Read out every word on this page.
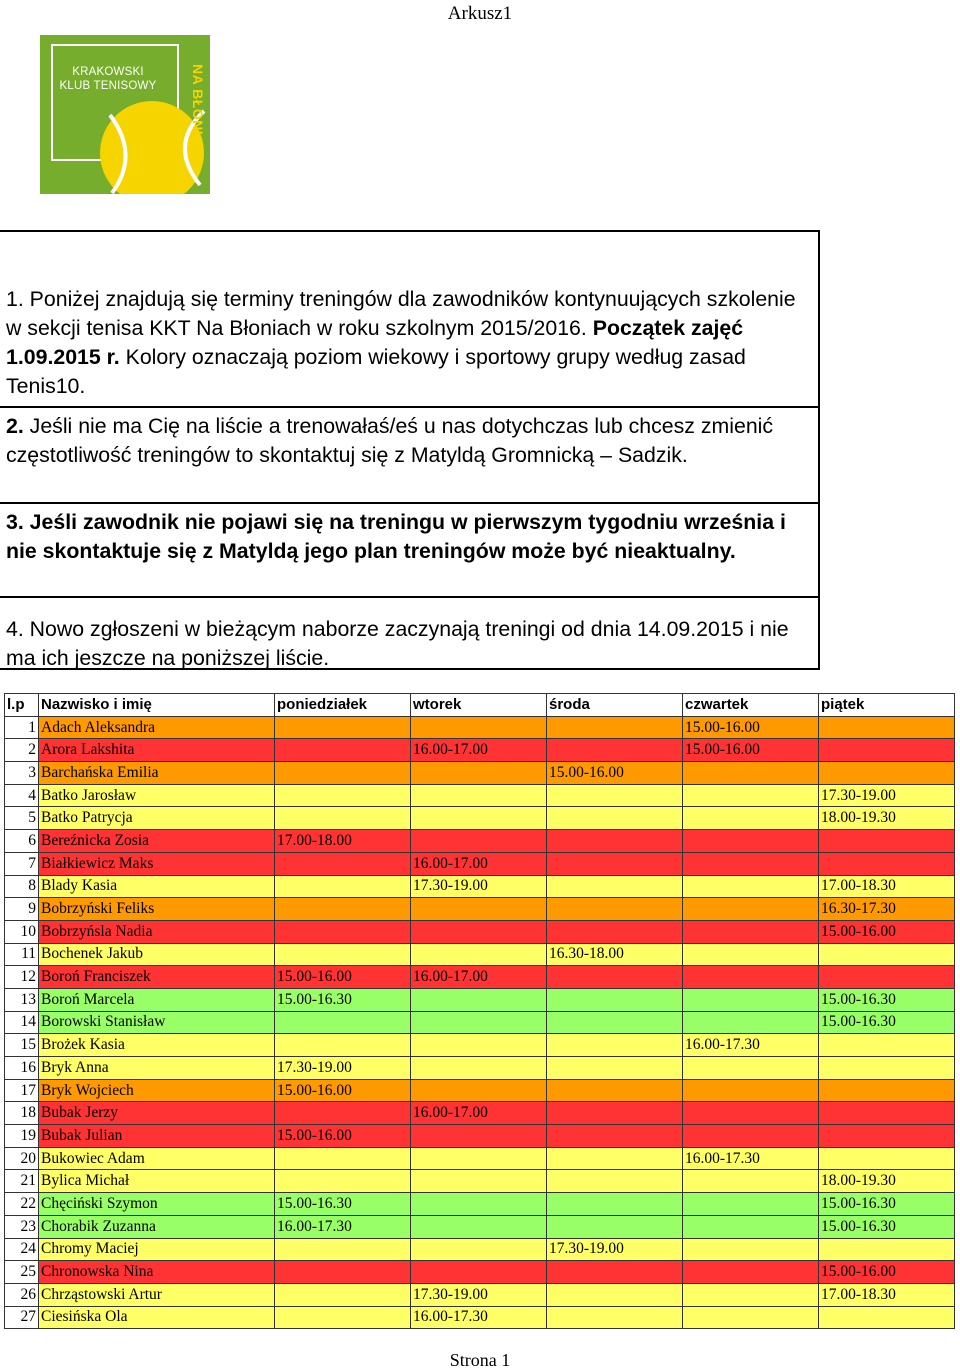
Arkusz1
KRAKOWSKI
KLUB TENISOWY	NA BŁONIACH
1. Poniżej znajdują się terminy treningów dla zawodników kontynuujących szkolenie w sekcji tenisa KKT Na Błoniach w roku szkolnym 2015/2016. Początek zajęć 1.09.2015 r. Kolory oznaczają poziom wiekowy i sportowy grupy według zasad Tenis10.
2. Jeśli nie ma Cię na liście a trenowałaś/eś u nas dotychczas lub chcesz zmienić częstotliwość treningów to skontaktuj się z Matyldą Gromnicką – Sadzik.
3. Jeśli zawodnik nie pojawi się na treningu w pierwszym tygodniu września i nie skontaktuje się z Matyldą jego plan treningów może być nieaktualny.
4. Nowo zgłoszeni w bieżącym naborze zaczynają treningi od dnia 14.09.2015 i nie ma ich jeszcze na poniższej liście.
l.p	Nazwisko i imię	poniedziałek	wtorek	środa	czwartek	piątek
1	Adach Aleksandra				15.00-16.00	
2	Arora Lakshita		16.00-17.00		15.00-16.00	
3	Barchańska Emilia			15.00-16.00		
4	Batko Jarosław					17.30-19.00
5	Batko Patrycja					18.00-19.30
6	Bereźnicka Zosia	17.00-18.00				
7	Białkiewicz Maks		16.00-17.00			
8	Blady Kasia		17.30-19.00			17.00-18.30
9	Bobrzyński Feliks					16.30-17.30
10	Bobrzyńsla Nadia					15.00-16.00
11	Bochenek Jakub			16.30-18.00		
12	Boroń Franciszek	15.00-16.00	16.00-17.00			
13	Boroń Marcela	15.00-16.30				15.00-16.30
14	Borowski Stanisław					15.00-16.30
15	Brożek Kasia				16.00-17.30	
16	Bryk Anna	17.30-19.00				
17	Bryk Wojciech	15.00-16.00				
18	Bubak Jerzy		16.00-17.00			
19	Bubak Julian	15.00-16.00				
20	Bukowiec Adam				16.00-17.30	
21	Bylica Michał					18.00-19.30
22	Chęciński Szymon	15.00-16.30				15.00-16.30
23	Chorabik Zuzanna	16.00-17.30				15.00-16.30
24	Chromy Maciej			17.30-19.00		
25	Chronowska Nina					15.00-16.00
26	Chrząstowski Artur		17.30-19.00			17.00-18.30
27	Ciesińska Ola		16.00-17.30			
Strona 1
